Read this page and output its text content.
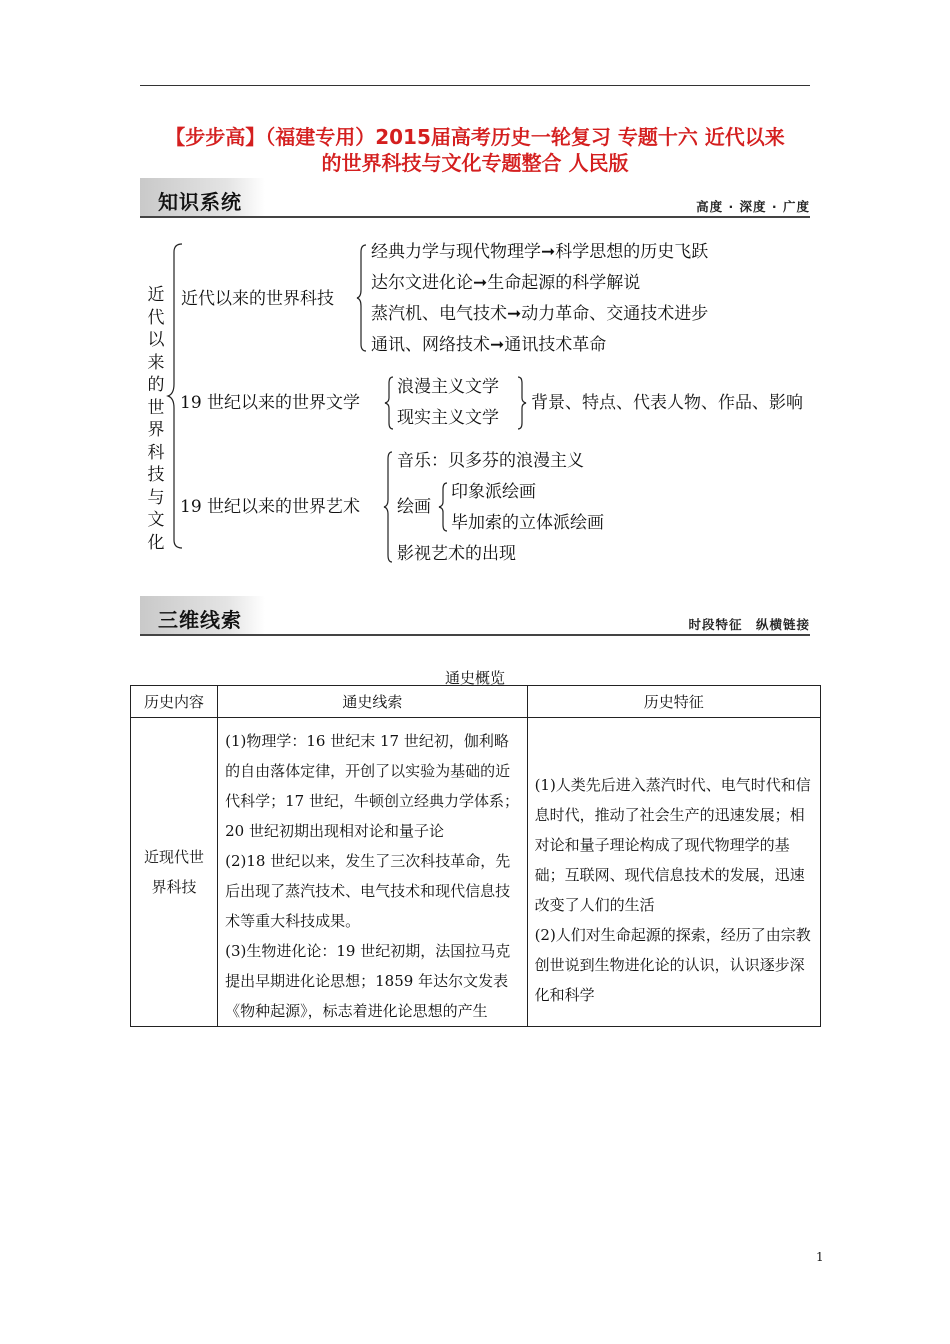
【步步高】（福建专用）2015届高考历史一轮复习 专题十六 近代以来
的世界科技与文化专题整合 人民版
知识系统	高度 · 深度 · 广度
近代以来的世界科技与文化
近代以来的世界科技
经典力学与现代物理学➞科学思想的历史飞跃
达尔文进化论➞生命起源的科学解说
蒸汽机、电气技术➞动力革命、交通技术进步
通讯、网络技术➞通讯技术革命
19 世纪以来的世界文学
浪漫主义文学
现实主义文学
背景、特点、代表人物、作品、影响
19 世纪以来的世界艺术
音乐：贝多芬的浪漫主义
绘画
印象派绘画
毕加索的立体派绘画
影视艺术的出现
三维线索	时段特征　纵横链接
通史概览
历史内容	通史线索	历史特征
近现代世界科技	(1)物理学：16 世纪末 17 世纪初，伽利略的自由落体定律，开创了以实验为基础的近代科学；17 世纪，牛顿创立经典力学体系；20 世纪初期出现相对论和量子论
(2)18 世纪以来，发生了三次科技革命，先后出现了蒸汽技术、电气技术和现代信息技术等重大科技成果。
(3)生物进化论：19 世纪初期，法国拉马克提出早期进化论思想；1859 年达尔文发表《物种起源》，标志着进化论思想的产生	(1)人类先后进入蒸汽时代、电气时代和信息时代，推动了社会生产的迅速发展；相对论和量子理论构成了现代物理学的基础；互联网、现代信息技术的发展，迅速改变了人们的生活
(2)人们对生命起源的探索，经历了由宗教创世说到生物进化论的认识，认识逐步深化和科学
1
